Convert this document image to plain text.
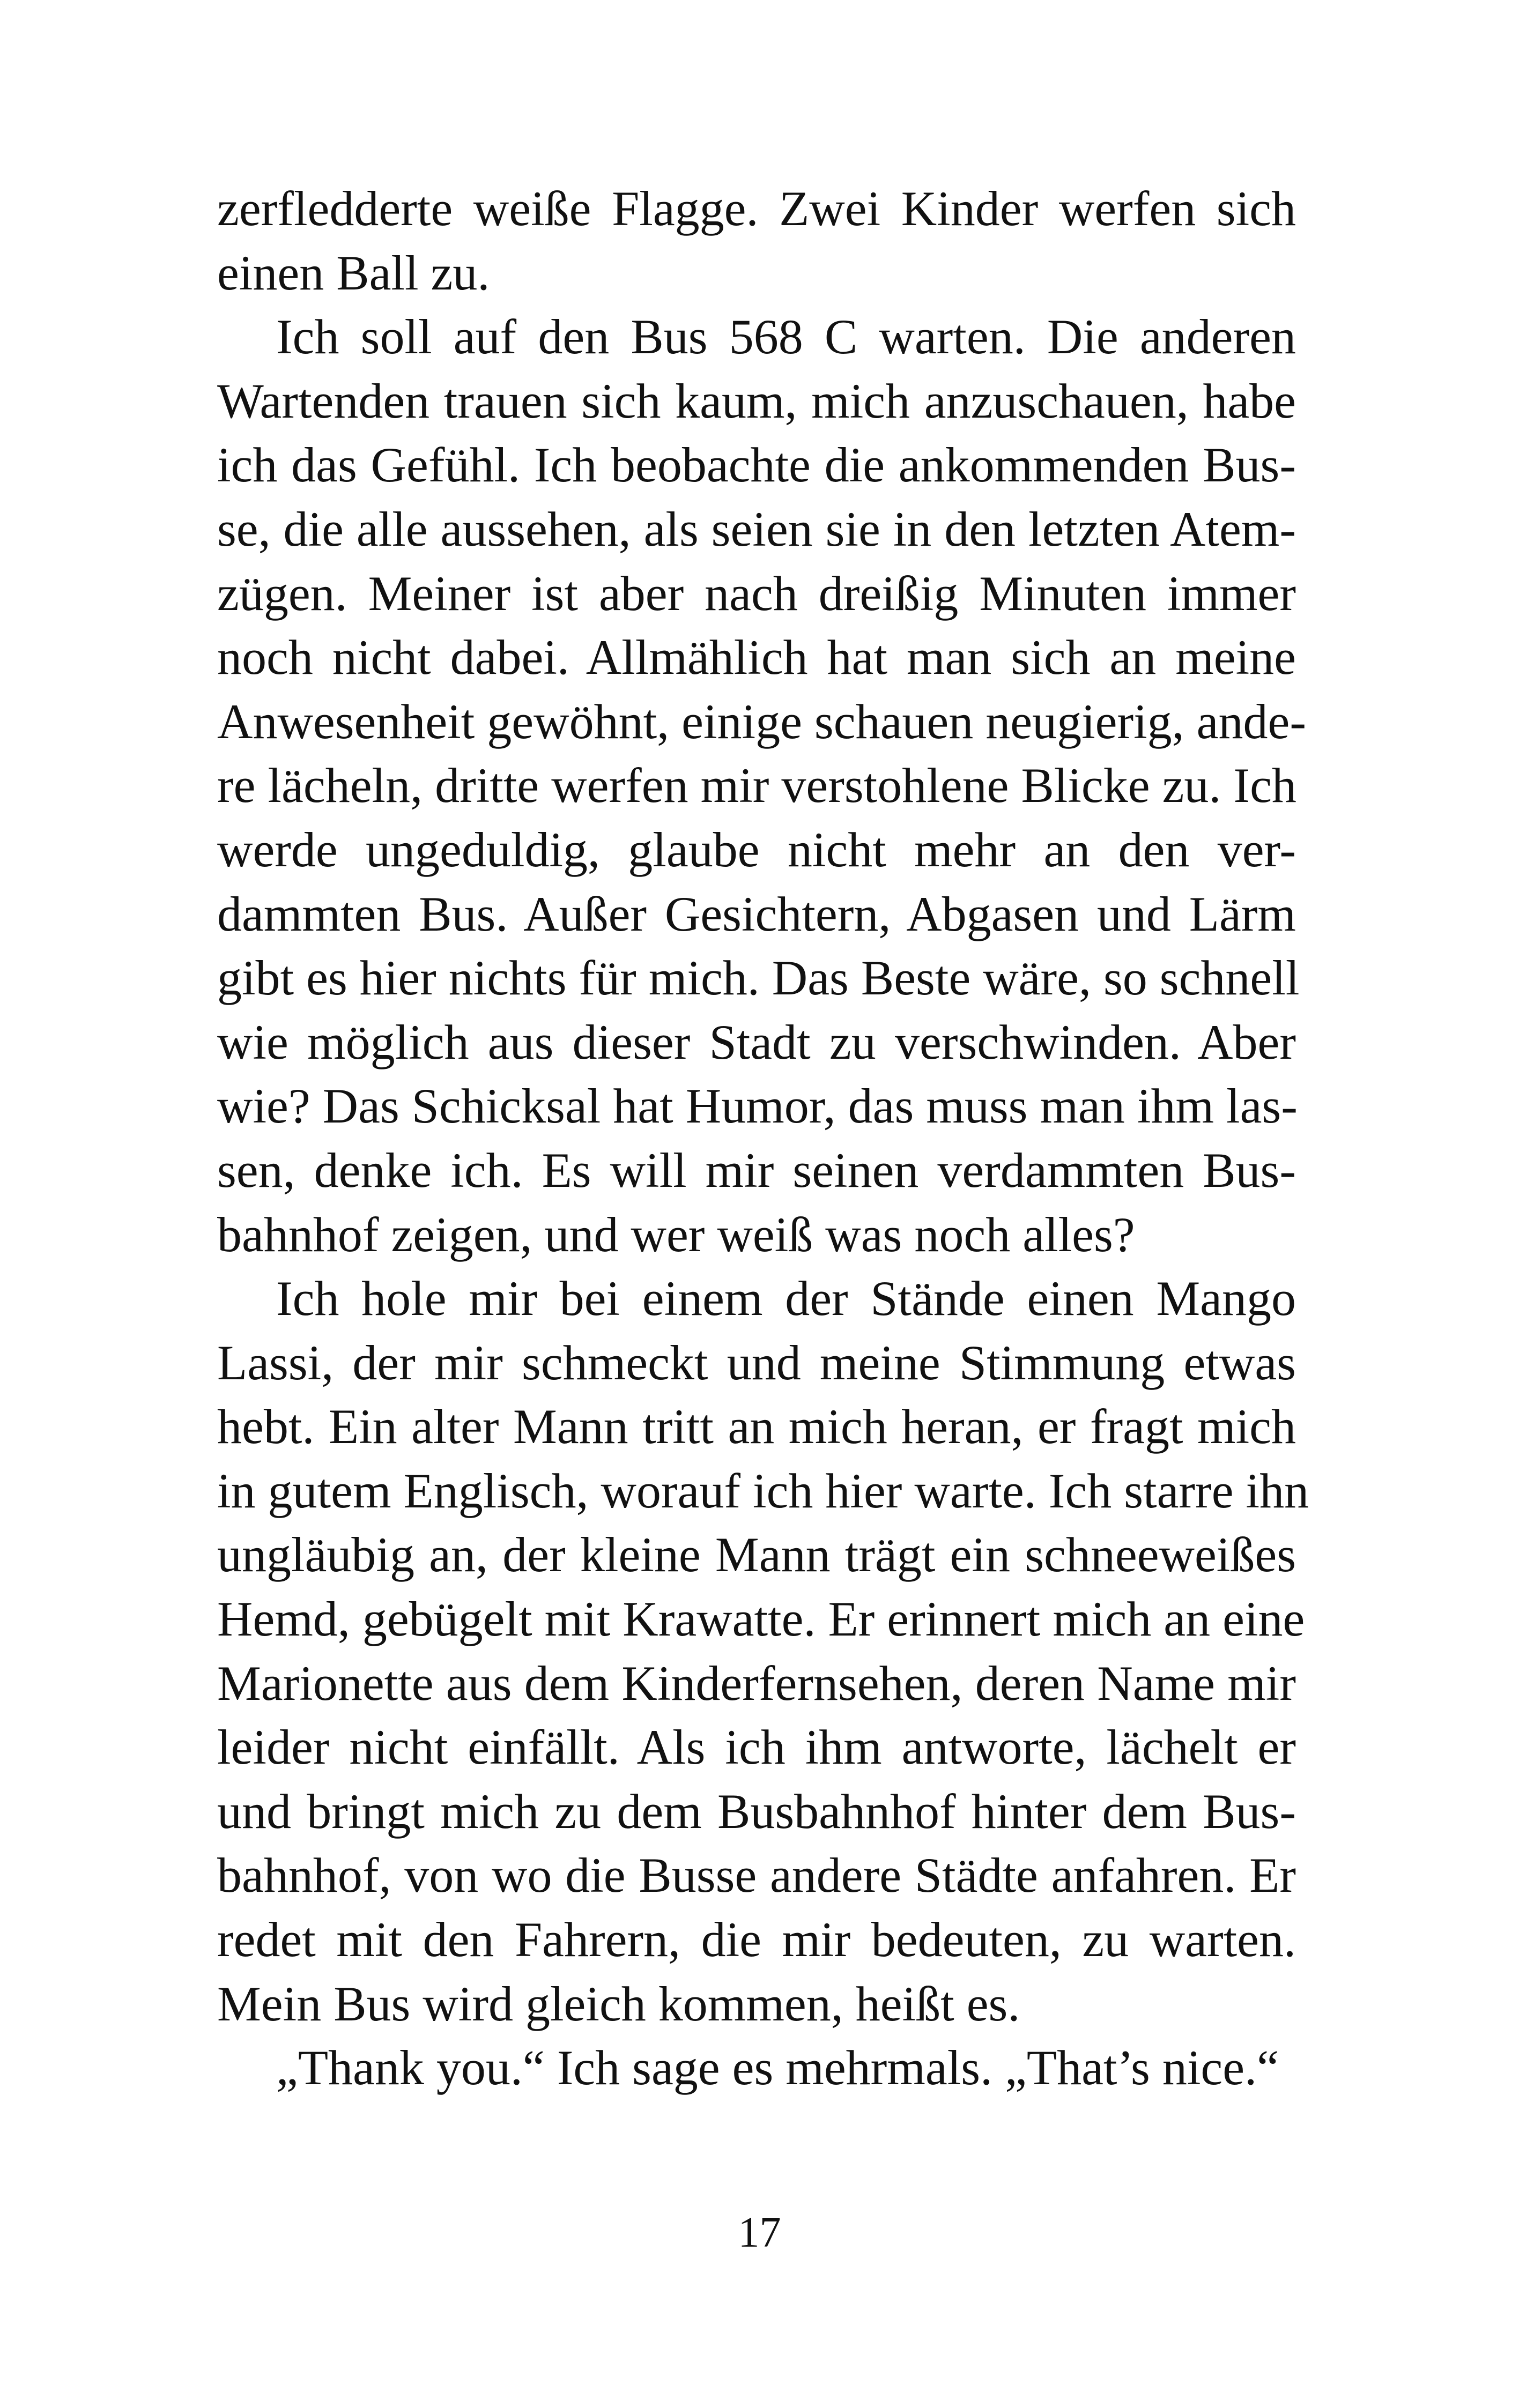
zerfledderte weiße Flagge. Zwei Kinder werfen sich
einen Ball zu.
Ich soll auf den Bus 568 C warten. Die anderen
Wartenden trauen sich kaum, mich anzuschauen, habe
ich das Gefühl. Ich beobachte die ankommenden Bus-
se, die alle aussehen, als seien sie in den letzten Atem-
zügen. Meiner ist aber nach dreißig Minuten immer
noch nicht dabei. Allmählich hat man sich an meine
Anwesenheit gewöhnt, einige schauen neugierig, ande-
re lächeln, dritte werfen mir verstohlene Blicke zu. Ich
werde ungeduldig, glaube nicht mehr an den ver-
dammten Bus. Außer Gesichtern, Abgasen und Lärm
gibt es hier nichts für mich. Das Beste wäre, so schnell
wie möglich aus dieser Stadt zu verschwinden. Aber
wie? Das Schicksal hat Humor, das muss man ihm las-
sen, denke ich. Es will mir seinen verdammten Bus-
bahnhof zeigen, und wer weiß was noch alles?
Ich hole mir bei einem der Stände einen Mango
Lassi, der mir schmeckt und meine Stimmung etwas
hebt. Ein alter Mann tritt an mich heran, er fragt mich
in gutem Englisch, worauf ich hier warte. Ich starre ihn
ungläubig an, der kleine Mann trägt ein schneeweißes
Hemd, gebügelt mit Krawatte. Er erinnert mich an eine
Marionette aus dem Kinderfernsehen, deren Name mir
leider nicht einfällt. Als ich ihm antworte, lächelt er
und bringt mich zu dem Busbahnhof hinter dem Bus-
bahnhof, von wo die Busse andere Städte anfahren. Er
redet mit den Fahrern, die mir bedeuten, zu warten.
Mein Bus wird gleich kommen, heißt es.
„Thank you.“ Ich sage es mehrmals. „That’s nice.“
17
